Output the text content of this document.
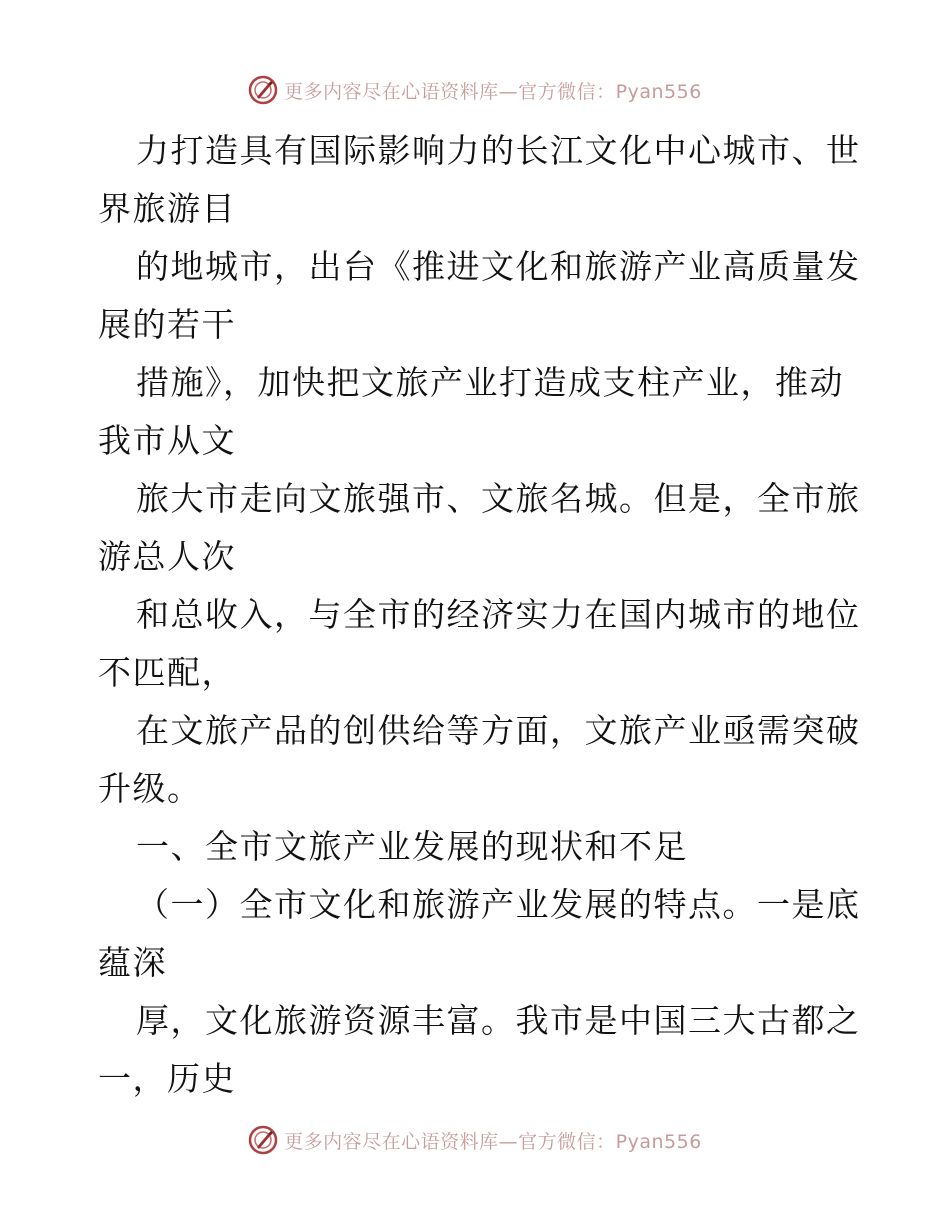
更多内容尽在心语资料库—官方微信：Pyan556
力打造具有国际影响力的长江文化中心城市、世
界旅游目
的地城市，出台《推进文化和旅游产业高质量发
展的若干
措施》，加快把文旅产业打造成支柱产业，推动
我市从文
旅大市走向文旅强市、文旅名城。但是，全市旅
游总人次
和总收入，与全市的经济实力在国内城市的地位
不匹配，
在文旅产品的创供给等方面，文旅产业亟需突破
升级。
一、全市文旅产业发展的现状和不足
（一）全市文化和旅游产业发展的特点。一是底
蕴深
厚，文化旅游资源丰富。我市是中国三大古都之
一，历史
更多内容尽在心语资料库—官方微信：Pyan556
